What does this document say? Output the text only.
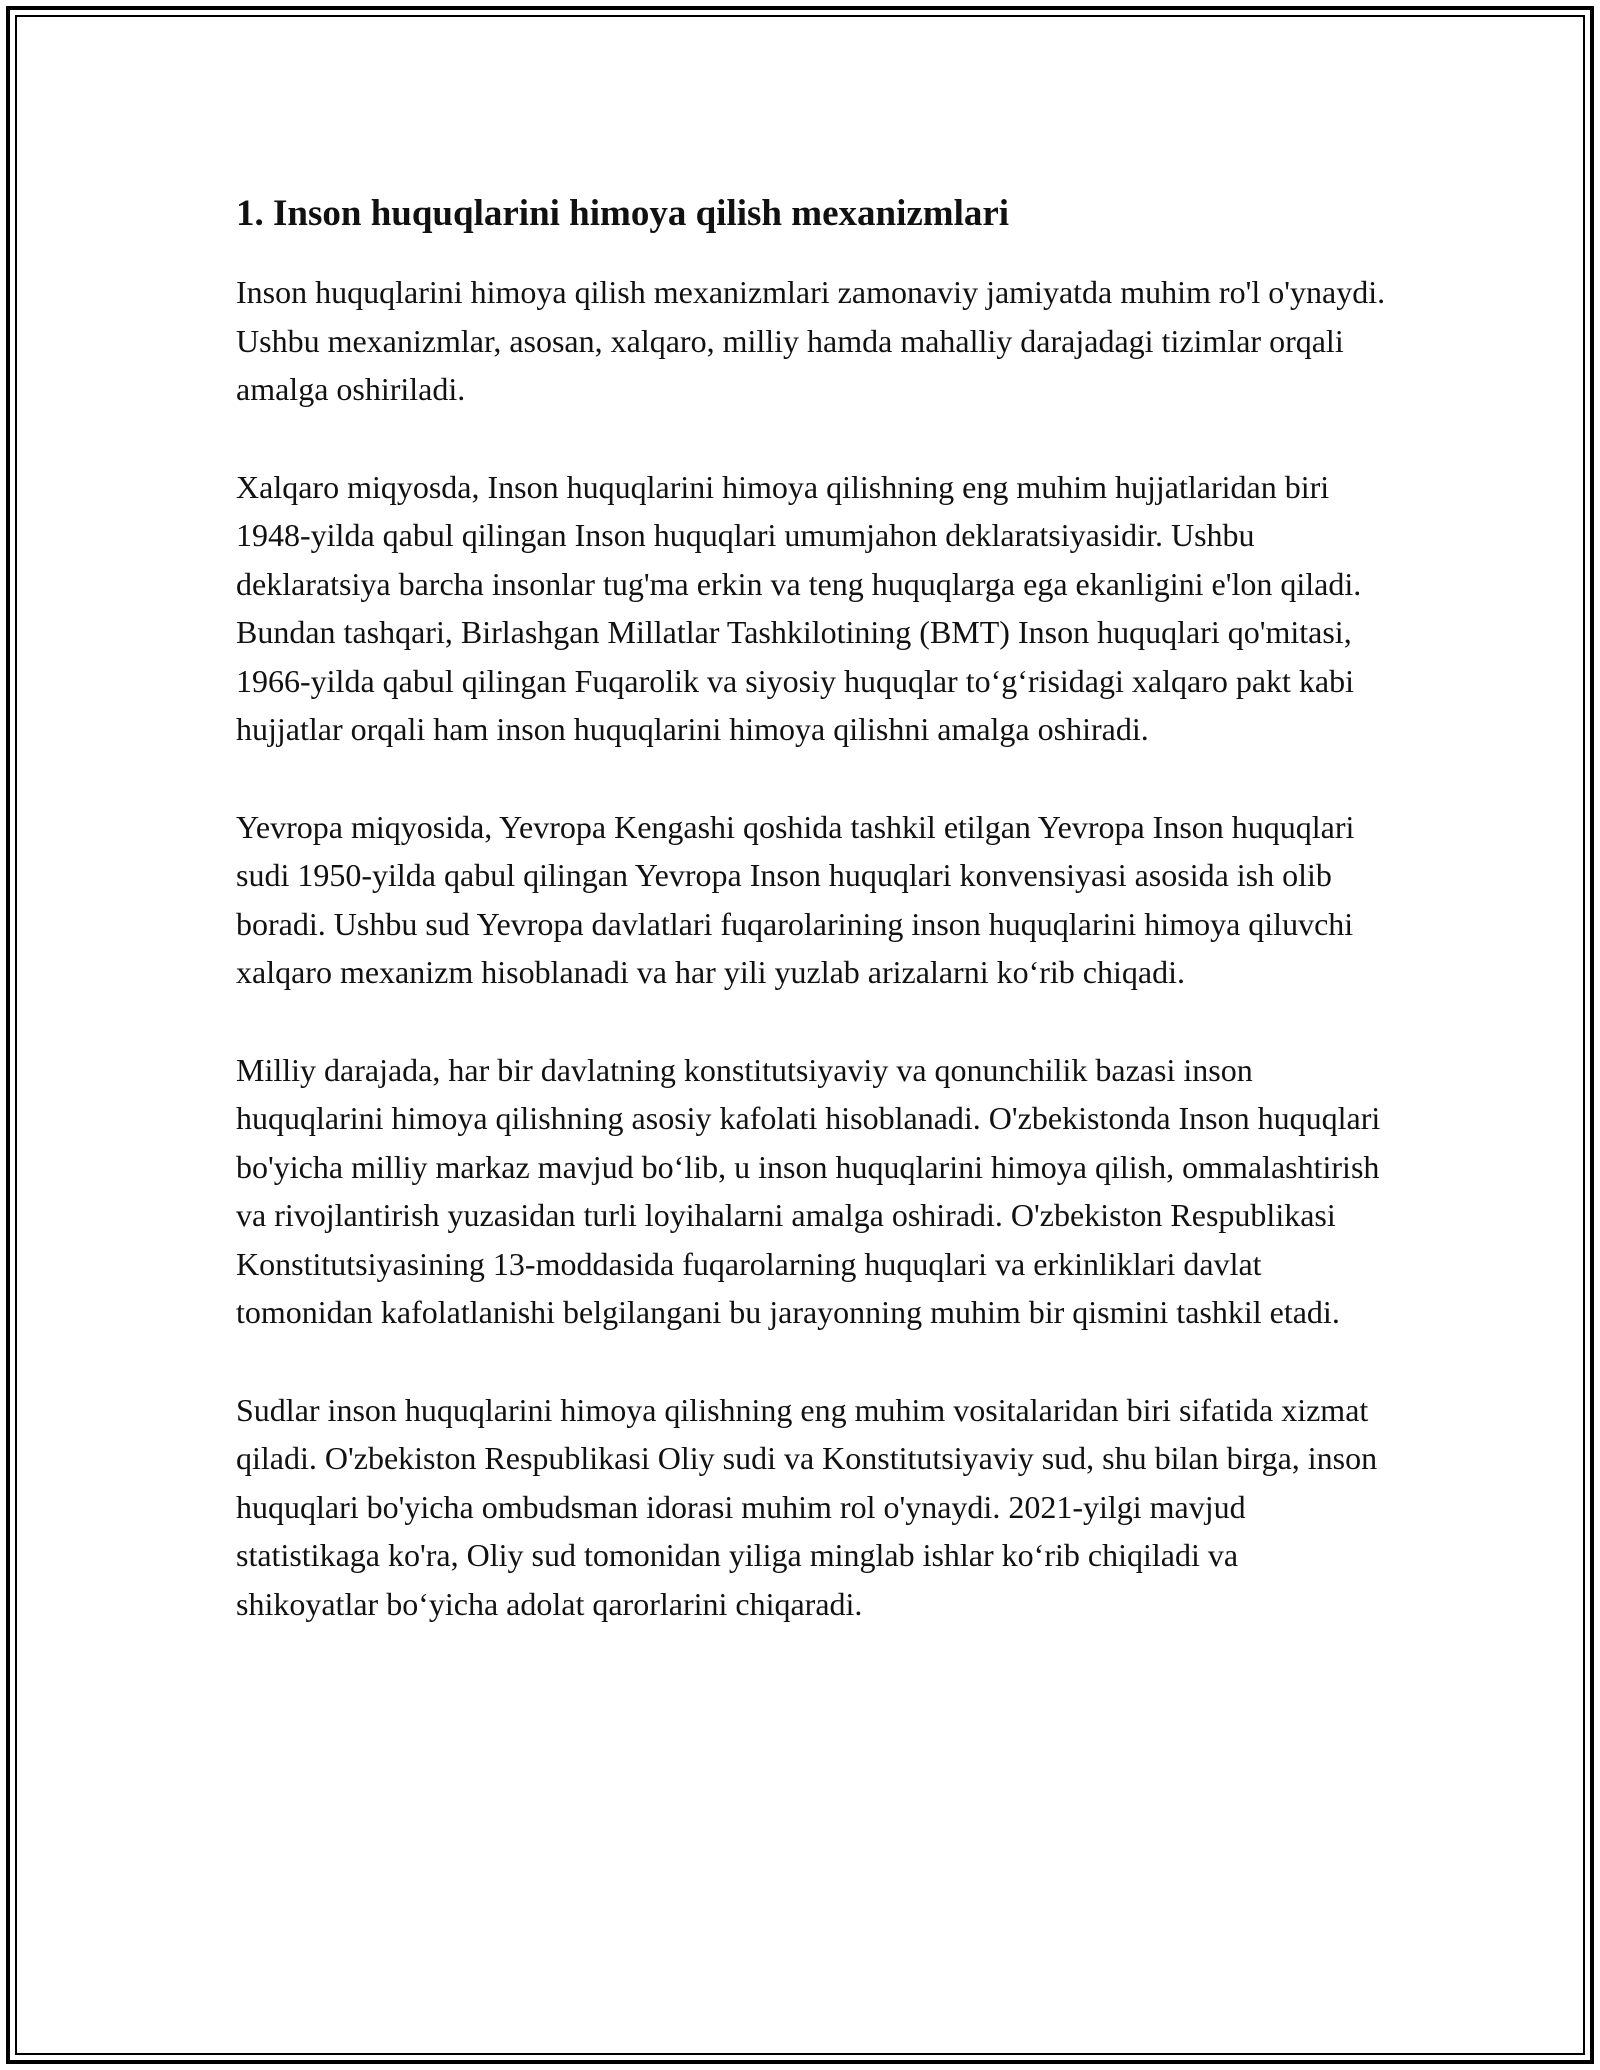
1. Inson huquqlarini himoya qilish mexanizmlari

Inson huquqlarini himoya qilish mexanizmlari zamonaviy jamiyatda muhim ro'l o'ynaydi. Ushbu mexanizmlar, asosan, xalqaro, milliy hamda mahalliy darajadagi tizimlar orqali amalga oshiriladi.

Xalqaro miqyosda, Inson huquqlarini himoya qilishning eng muhim hujjatlaridan biri 1948-yilda qabul qilingan Inson huquqlari umumjahon deklaratsiyasidir. Ushbu deklaratsiya barcha insonlar tug'ma erkin va teng huquqlarga ega ekanligini e'lon qiladi. Bundan tashqari, Birlashgan Millatlar Tashkilotining (BMT) Inson huquqlari qo'mitasi, 1966-yilda qabul qilingan Fuqarolik va siyosiy huquqlar to‘g‘risidagi xalqaro pakt kabi hujjatlar orqali ham inson huquqlarini himoya qilishni amalga oshiradi.

Yevropa miqyosida, Yevropa Kengashi qoshida tashkil etilgan Yevropa Inson huquqlari sudi 1950-yilda qabul qilingan Yevropa Inson huquqlari konvensiyasi asosida ish olib boradi. Ushbu sud Yevropa davlatlari fuqarolarining inson huquqlarini himoya qiluvchi xalqaro mexanizm hisoblanadi va har yili yuzlab arizalarni ko‘rib chiqadi.

Milliy darajada, har bir davlatning konstitutsiyaviy va qonunchilik bazasi inson huquqlarini himoya qilishning asosiy kafolati hisoblanadi. O'zbekistonda Inson huquqlari bo'yicha milliy markaz mavjud bo‘lib, u inson huquqlarini himoya qilish, ommalashtirish va rivojlantirish yuzasidan turli loyihalarni amalga oshiradi. O'zbekiston Respublikasi Konstitutsiyasining 13-moddasida fuqarolarning huquqlari va erkinliklari davlat tomonidan kafolatlanishi belgilangani bu jarayonning muhim bir qismini tashkil etadi.

Sudlar inson huquqlarini himoya qilishning eng muhim vositalaridan biri sifatida xizmat qiladi. O'zbekiston Respublikasi Oliy sudi va Konstitutsiyaviy sud, shu bilan birga, inson huquqlari bo'yicha ombudsman idorasi muhim rol o'ynaydi. 2021-yilgi mavjud statistikaga ko'ra, Oliy sud tomonidan yiliga minglab ishlar ko‘rib chiqiladi va shikoyatlar bo‘yicha adolat qarorlarini chiqaradi.
